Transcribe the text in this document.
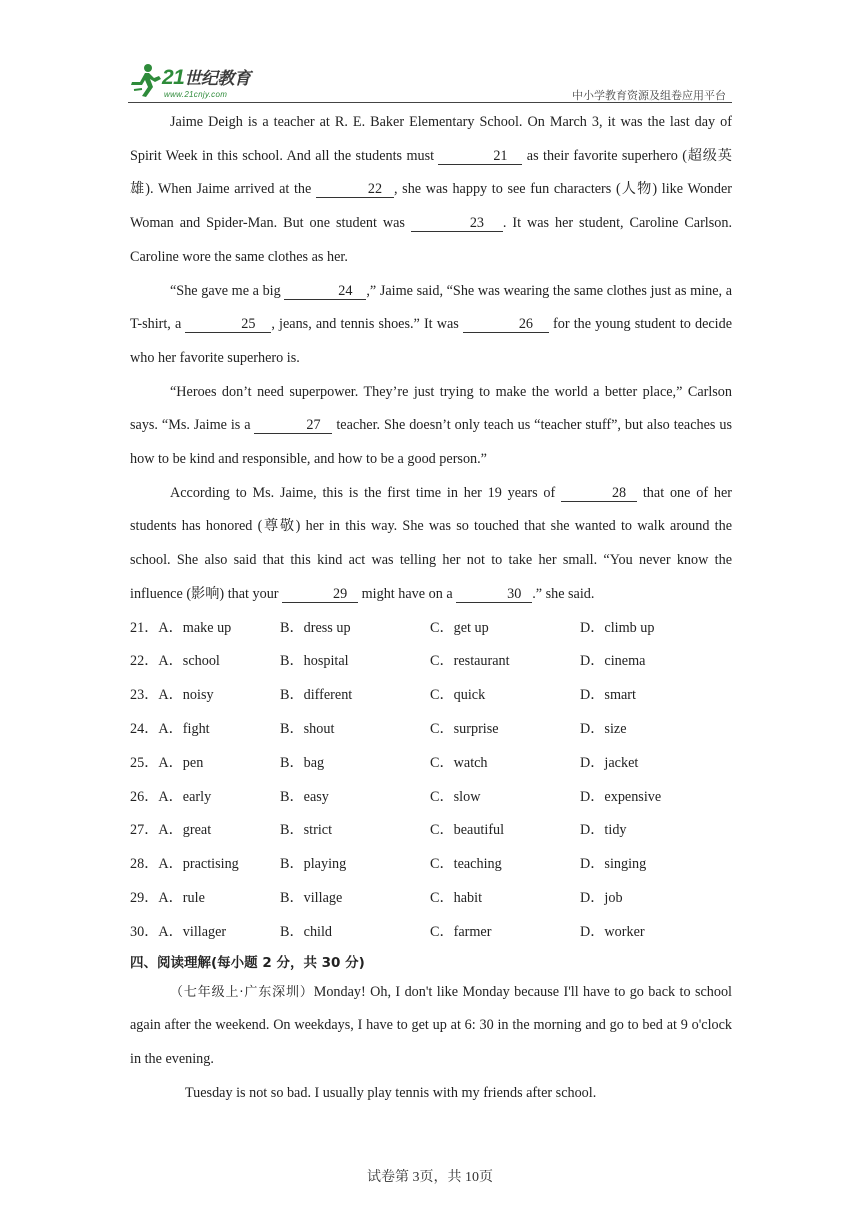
21世纪教育
www.21cnjy.com	中小学教育资源及组卷应用平台

Jaime Deigh is a teacher at R. E. Baker Elementary School. On March 3, it was the last day of Spirit Week in this school. And all the students must	21 as their favorite superhero (超级英雄). When Jaime arrived at the	22 , she was happy to see fun characters (人物) like Wonder Woman and Spider-Man. But one student was	23 . It was her student, Caroline Carlson. Caroline wore the same clothes as her.

“She gave me a big	24 ,” Jaime said, “She was wearing the same clothes just as mine, a T-shirt, a	25 , jeans, and tennis shoes.” It was	26 for the young student to decide who her favorite superhero is.

“Heroes don’t need superpower. They’re just trying to make the world a better place,” Carlson says. “Ms. Jaime is a	27 teacher. She doesn’t only teach us “teacher stuff”, but also teaches us how to be kind and responsible, and how to be a good person.”

According to Ms. Jaime, this is the first time in her 19 years of	28 that one of her students has honored (尊敬) her in this way. She was so touched that she wanted to walk around the school. She also said that this kind act was telling her not to take her small. “You never know the influence (影响) that your	29 might have on a	30 .” she said.

21．A．make up	B．dress up	C．get up	D．climb up
22．A．school	B．hospital	C．restaurant	D．cinema
23．A．noisy	B．different	C．quick	D．smart
24．A．fight	B．shout	C．surprise	D．size
25．A．pen	B．bag	C．watch	D．jacket
26．A．early	B．easy	C．slow	D．expensive
27．A．great	B．strict	C．beautiful	D．tidy
28．A．practising	B．playing	C．teaching	D．singing
29．A．rule	B．village	C．habit	D．job
30．A．villager	B．child	C．farmer	D．worker
四、阅读理解(每小题 2 分，共 30 分)

（七年级上·广东深圳）Monday! Oh, I don't like Monday because I'll have to go back to school again after the weekend. On weekdays, I have to get up at 6: 30 in the morning and go to bed at 9 o'clock in the evening.

Tuesday is not so bad. I usually play tennis with my friends after school.

试卷第 3页，共 10页
